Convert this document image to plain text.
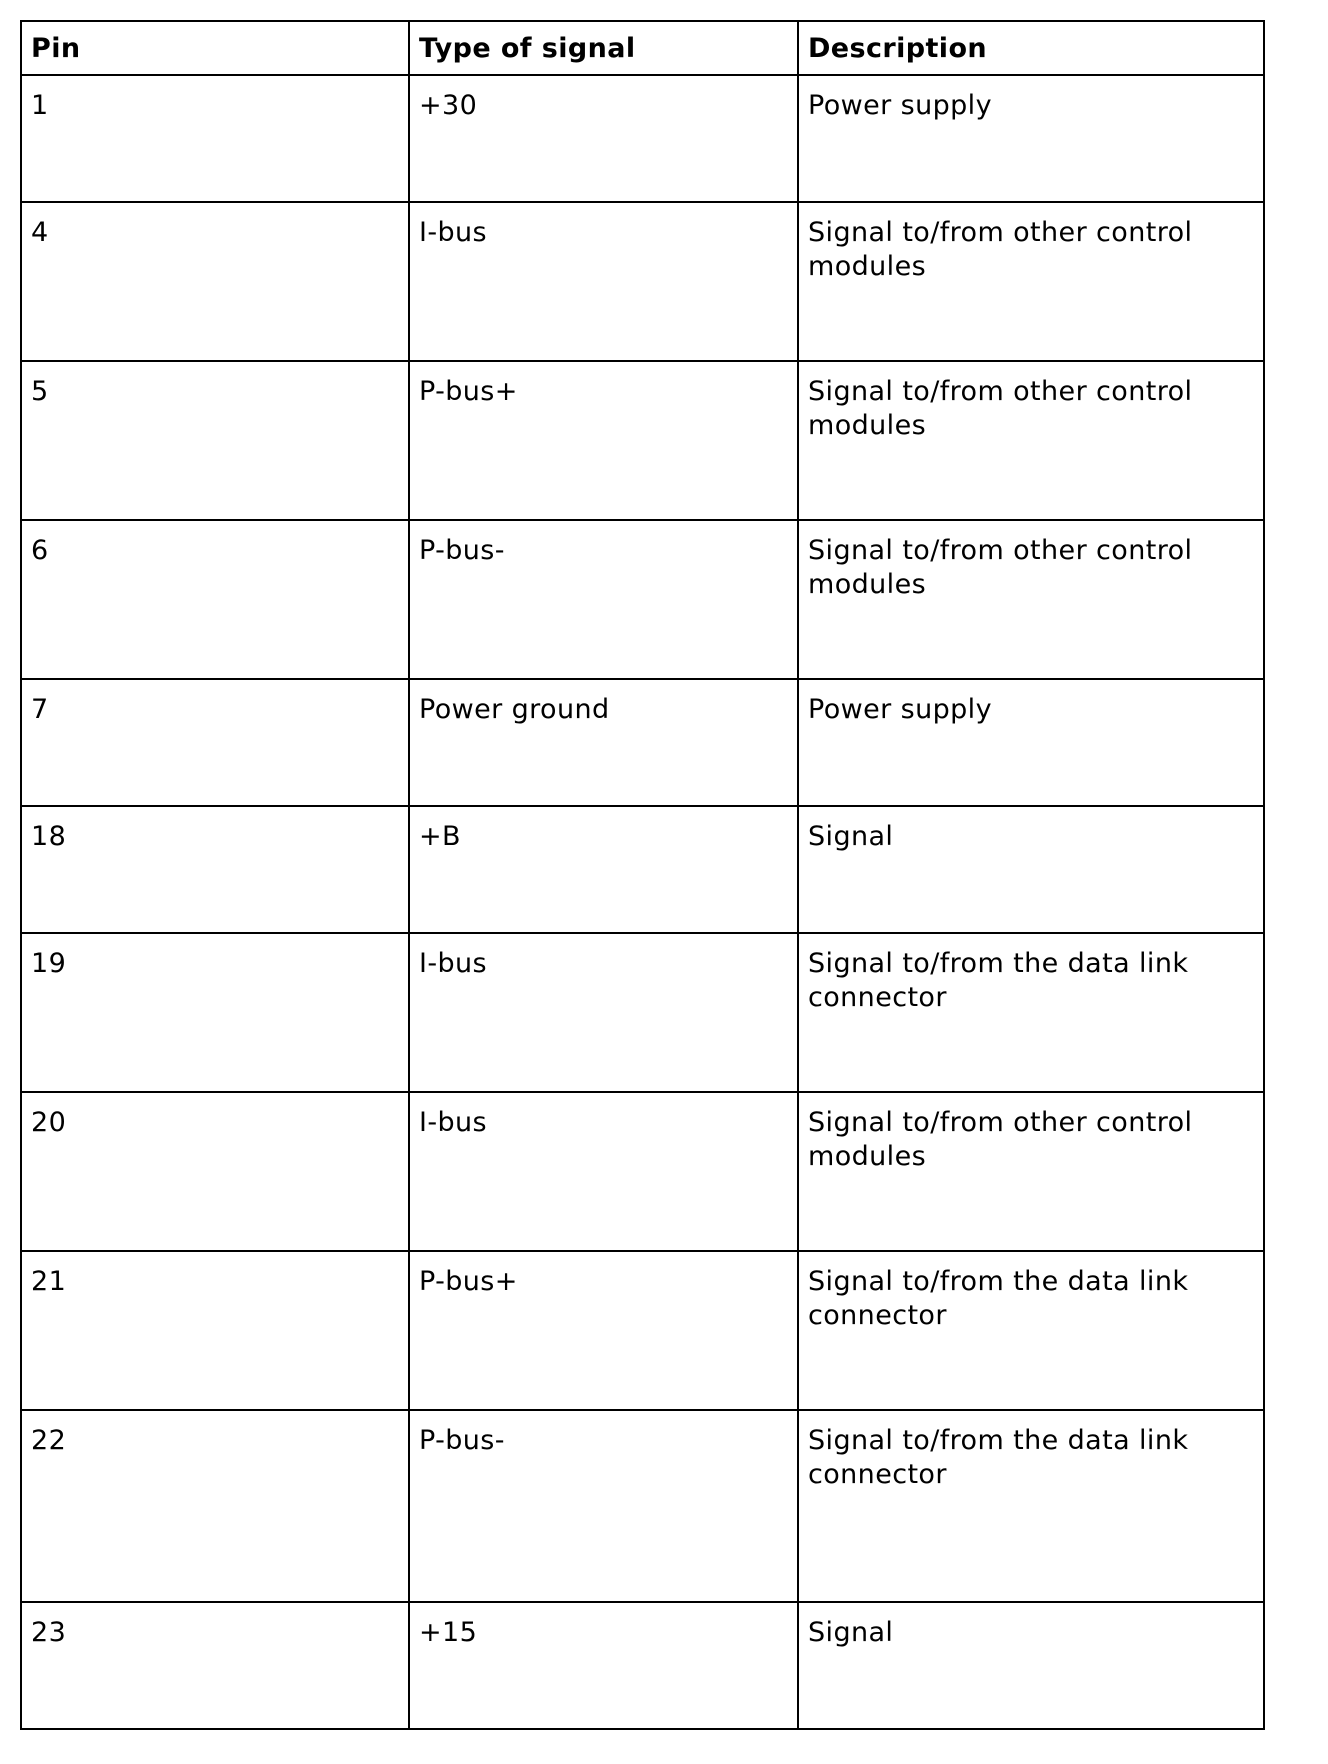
Pin	Type of signal	Description
1	+30	Power supply
4	I-bus	Signal to/from other control modules
5	P-bus+	Signal to/from other control modules
6	P-bus-	Signal to/from other control modules
7	Power ground	Power supply
18	+B	Signal
19	I-bus	Signal to/from the data link connector
20	I-bus	Signal to/from other control modules
21	P-bus+	Signal to/from the data link connector
22	P-bus-	Signal to/from the data link connector
23	+15	Signal
